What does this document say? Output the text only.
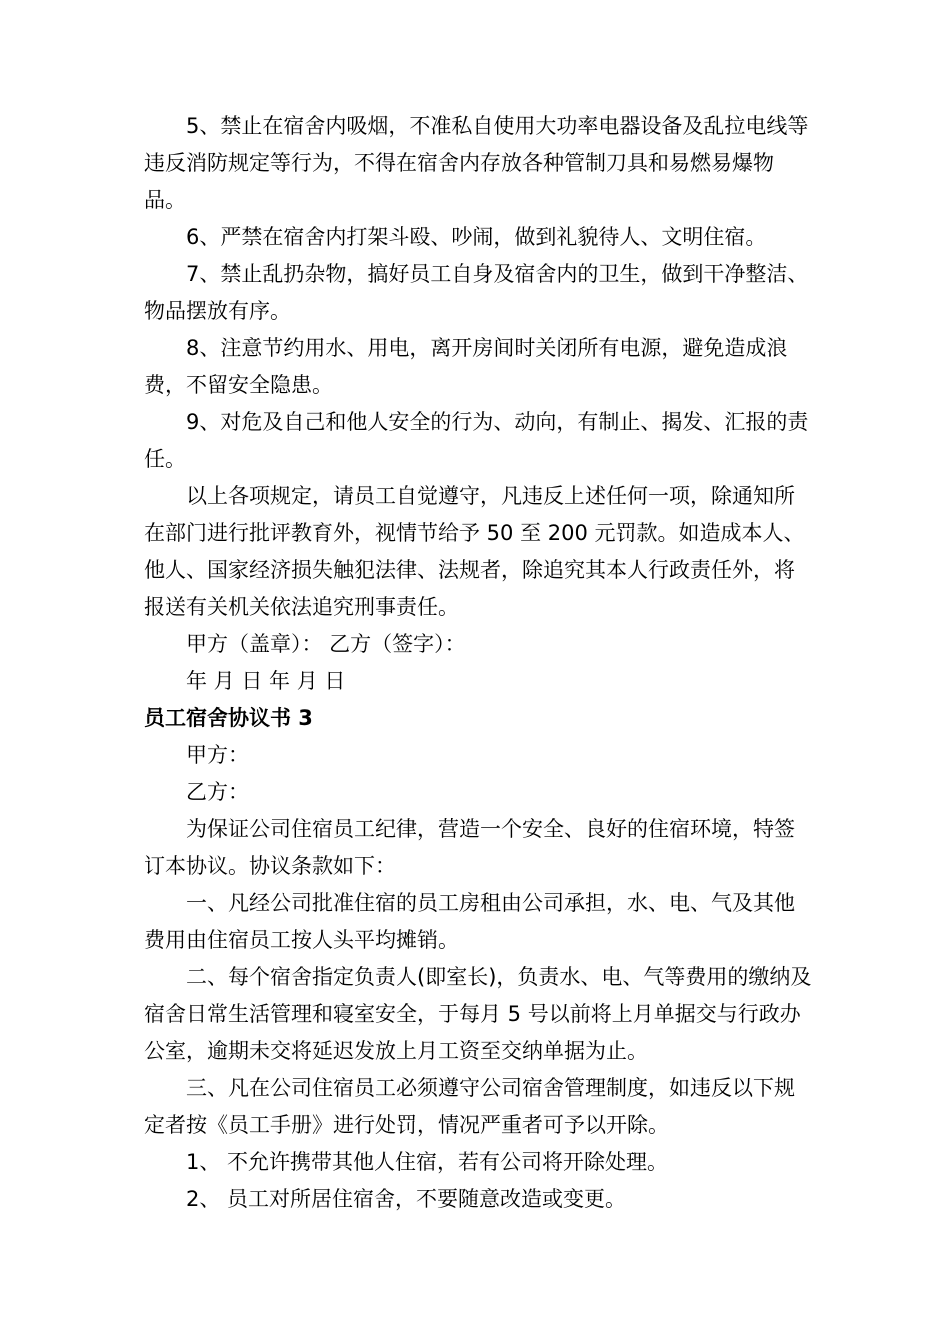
5、禁止在宿舍内吸烟，不准私自使用大功率电器设备及乱拉电线等违反消防规定等行为，不得在宿舍内存放各种管制刀具和易燃易爆物品。

6、严禁在宿舍内打架斗殴、吵闹，做到礼貌待人、文明住宿。

7、禁止乱扔杂物，搞好员工自身及宿舍内的卫生，做到干净整洁、物品摆放有序。

8、注意节约用水、用电，离开房间时关闭所有电源，避免造成浪费，不留安全隐患。

9、对危及自己和他人安全的行为、动向，有制止、揭发、汇报的责任。

以上各项规定，请员工自觉遵守，凡违反上述任何一项，除通知所在部门进行批评教育外，视情节给予 50 至 200 元罚款。如造成本人、他人、国家经济损失触犯法律、法规者，除追究其本人行政责任外，将报送有关机关依法追究刑事责任。

甲方（盖章）： 乙方（签字）：

年 月 日 年 月 日

员工宿舍协议书 3

甲方：

乙方：

为保证公司住宿员工纪律，营造一个安全、良好的住宿环境，特签订本协议。协议条款如下：

一、凡经公司批准住宿的员工房租由公司承担，水、电、气及其他费用由住宿员工按人头平均摊销。

二、每个宿舍指定负责人(即室长)，负责水、电、气等费用的缴纳及宿舍日常生活管理和寝室安全，于每月 5 号以前将上月单据交与行政办公室，逾期未交将延迟发放上月工资至交纳单据为止。

三、凡在公司住宿员工必须遵守公司宿舍管理制度，如违反以下规定者按《员工手册》进行处罚，情况严重者可予以开除。

1、 不允许携带其他人住宿，若有公司将开除处理。

2、 员工对所居住宿舍，不要随意改造或变更。
